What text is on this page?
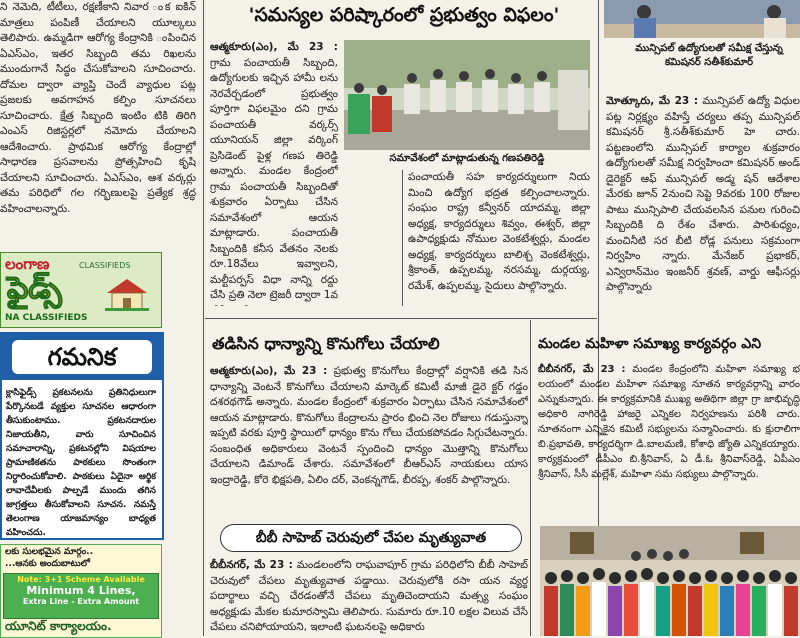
ని నెమెది, టీటీలు, రక్షణీకాని నివార ంక ఐకిన్ మాత్రలు పంపిణీ చేయాలని యూల్కలు తెలిపారు. ఉమ్మడిగా ఆరోగ్య కేంద్రానికి ంపించిన ఏఎస్‌ఎం, ఇతర సిబ్బంది తమ రిఖలను ముందుగానే సిద్ధం చేసుకోవాలని సూచించారు. దోమల ద్వారా వ్యాప్తి చెందే వ్యాధుల పట్ల ప్రజలకు అవగాహన కల్పిం సూచనలు సూచించారు. క్షేత్ర సిబ్బంది ఇంటిం టికి తిరిగి ఎంఎస్ రిజిస్టర్లలో నమోదు చేయాలని ఆదేశించారు. ప్రాథమిక ఆరోగ్య కేంద్రాల్లో సాధారణ ప్రసవాలను ప్రోత్సహించి కృషి చేయాలని సూచించారు. ఏఎస్‌ఎం, ఆశ వర్కర్లు తమ పరిధిలో గల గర్భిణులపై ప్రత్యేక శ్రద్ధ వహించాలన్నారు.
లంగాణ	CLASSIFIEDS
ఫైడ్స్
NA CLASSIFIEDS
గమనిక
క్లాసిఫైడ్స్ ప్రకటనలను ప్రతినిధులుగా పేర్కొనబడే వ్యక్తుల సూచనల ఆధారంగా తీసుకుంటాము. ప్రకటనదారుల నిజాయతీని, వారు సూచించిన సమాచారాన్ని, ప్రకటనల్లోని విషయాల ప్రామాణికతను పాఠకులు సొంతంగా నిర్ధారించుకోవాలి. పాఠకులు ఏదైనా ఆర్థిక లావాదేవీలకు పాల్పడే ముందు తగిన జాగ్రత్తలు తీసుకోవాలని సూచన. నమస్తే తెలంగాణ యాజమాన్యం బాధ్యత వహించదు.
లకు సులభమైన మార్గం..
...ఆనకు అందుబాటులో
Note: 3+1 Scheme Available
Minimum 4 Lines,
Extra Line - Extra Amount
యూనిట్ కార్యాలయం.
'సమస్యల పరిష్కారంలో ప్రభుత్వం విఫలం'
సమావేశంలో మాట్లాడుతున్న గణపతిరెడ్డి
ఆత్మకూరు(ఎం), మే 23 : గ్రామ పంచాయతీ సిబ్బంది, ఉద్యోగులకు ఇచ్చిన హామీ లను నెరవేర్చడంలో ప్రభుత్వం పూర్తిగా విఫలమైం దని గ్రామ పంచాయతీ వర్కర్స్ యూనియన్ జిల్లా వర్కింగ్ ప్రెసిడెంట్ పైళ్ల గణప తిరెడ్డి అన్నారు. మండల కేంద్రంలో గ్రామ పంచాయతీ సిబ్బందితో శుక్రవారం ఏర్పాటు చేసిన సమావేశంలో ఆయన మాట్లాడారు. పంచాయతీ సిబ్బందికి కనీస వేతనం నెలకు రూ.18వేలు ఇవ్వాలని, మల్టీపర్పస్ విధా నాన్ని రద్దు చేసి ప్రతి నెలా ట్రెజరీ ద్వారా 1వ
పంచాయతీ సహ కార్యదర్శులుగా నియ మించి ఉద్యోగ భద్రత కల్పించాలన్నారు. సంఘం రాష్ట్ర కన్వీనర్ యాదమ్మ, జిల్లా అధ్యక్ష, కార్యదర్శులు శివ్వం, ఈశ్వర్, జిల్లా ఉపాధ్యక్షుడు నోముల వెంకటేశ్వర్లు, మండల అధ్యక్ష, కార్యదర్శులు బాలిశ్చ వెంకటేశ్వర్లు, శ్రీకాంత్, ఉప్పలమ్మ, నరసమ్మ, దుర్గయ్య, రమేశ్, ఉప్పలమ్మ, సైదులు పాల్గొన్నారు.
తడిసిన ధాన్యాన్ని కొనుగోలు చేయాలి
ఆత్మకూరు(ఎం), మే 23 : ప్రభుత్వ కొనుగోలు కేంద్రాల్లో వర్షానికి తడి సిన ధాన్యాన్ని వెంటనే కొనుగోలు చేయాలని మార్కెట్ కమిటీ మాజీ డైరె క్టర్ గడ్డం దశరథగౌడ్ అన్నారు. మండల కేంద్రంలో శుక్రవారం ఏర్పాటు చేసిన సమావేశంలో ఆయన మాట్లాడారు. కొనుగోలు కేంద్రాలను ప్రారం భించి నెల రోజులు గడుస్తున్నా ఇప్పటి వరకు పూర్తి స్థాయిలో ధాన్యం కొను గోలు చేయకపోవడం సిగ్గుచేటన్నారు. సంబంధిత అధికారులు వెంటనే స్పందించి ధాన్యం మొత్తాన్ని కొనుగోలు చేయాలని డిమాండ్ చేశారు. సమావేశంలో బీఆర్‌ఎస్ నాయకులు యాస ఇంద్రారెడ్డి, కోరె భిక్షపతి, ఏలిం దర్, వెంకన్నగౌడ్, బీరప్ప, శంకర్ పాల్గొన్నారు.
బీబీ సాహెబ్ చెరువులో చేపల మృత్యువాత
బీబీనగర్, మే 23 : మండలంలోని రాఘవాపూర్ గ్రామ పరిధిలోని బీబీ సాహెబ్ చెరువులో చేపలు మృత్యువాత పడ్డాయి. చెరువులోకి రసా యన వ్యర్థ పదార్థాలు వచ్చి చేరడంతోనే చేపలు మృతిచెందాయని మత్స్య సంఘం అధ్యక్షుడు మేకల కుమారస్వామి తెలిపారు. సుమారు రూ.10 లక్షల విలువ చేసే చేపలు చనిపోయాయని, ఇలాంటి ఘటనలపై అధికారు
మున్సిపల్ ఉద్యోగులతో సమీక్ష చేస్తున్న కమిషనర్ సతీశ్‌కుమార్
మోత్కూరు, మే 23 : మున్సిపల్ ఉద్యో విధుల పట్ల నిర్లక్ష్యం వహిస్తే చర్యలు తప్ప మున్సిపల్ కమిషనర్ శ్రీ.సతీశ్‌కుమార్ హె చారు. పట్టణంలోని మున్సిపల్ కార్యాల శుక్రవారం ఉద్యోగులతో సమీక్ష నిర్వహించా కమిషనర్ అండ్ డైరెక్టర్ ఆఫ్ మున్సిపల్ అడ్మ షన్ ఆదేశాల మేరకు జూన్ 2నుంచి సెప్టె 9వరకు 100 రోజుల పాటు మున్సిపాలి చేయవలసిన పనుల గురించి సిబ్బందికి ది రేశం చేశారు. పారిశుధ్యం, మంచినీటి సర బీటి రోడ్ల పనులు సక్రమంగా నిర్వహిం న్నారు. మేనేజర్ ప్రభాకర్, ఎన్విరాన్‌మెం ఇంజనీర్ శ్రవణ్, వార్డు ఆఫీసర్లు పాల్గొన్నారు
మండల మహిళా సమాఖ్య కార్యవర్గం ఎని
బీబీనగర్, మే 23 : మండల కేంద్రంలోని మహిళా సమాఖ్య భ లయంలో మండల మహిళా సమాఖ్య నూతన కార్యవర్గాన్ని వారం ఎన్నుకున్నారు. ఈ కార్యక్రమానికి ముఖ్య అతిథిగా జిల్లా గ్రా జాభివృద్ధి అధికారి నాగిరెడ్డి హాజరై ఎన్నికల నిర్వహణను పరిశీ చారు. నూతనంగా ఎన్నికైన కమిటీ సభ్యులను సన్మానించారు. కు క్షురాలిగా బి.ప్రభావతి, కార్యదర్శిగా డి.బాలమణి, కోశాధి జ్యోతి ఎన్నికయ్యారు. కార్యక్రమంలో డీపీఎం బి.శ్రీనివాస్, ఏ డీ.ఓ శ్రీనివాస్‌రెడ్డి, ఏపీఎం శ్రీనివాస్, సీసీ మల్లేశ్, మహిళా సమ సభ్యులు పాల్గొన్నారు.
